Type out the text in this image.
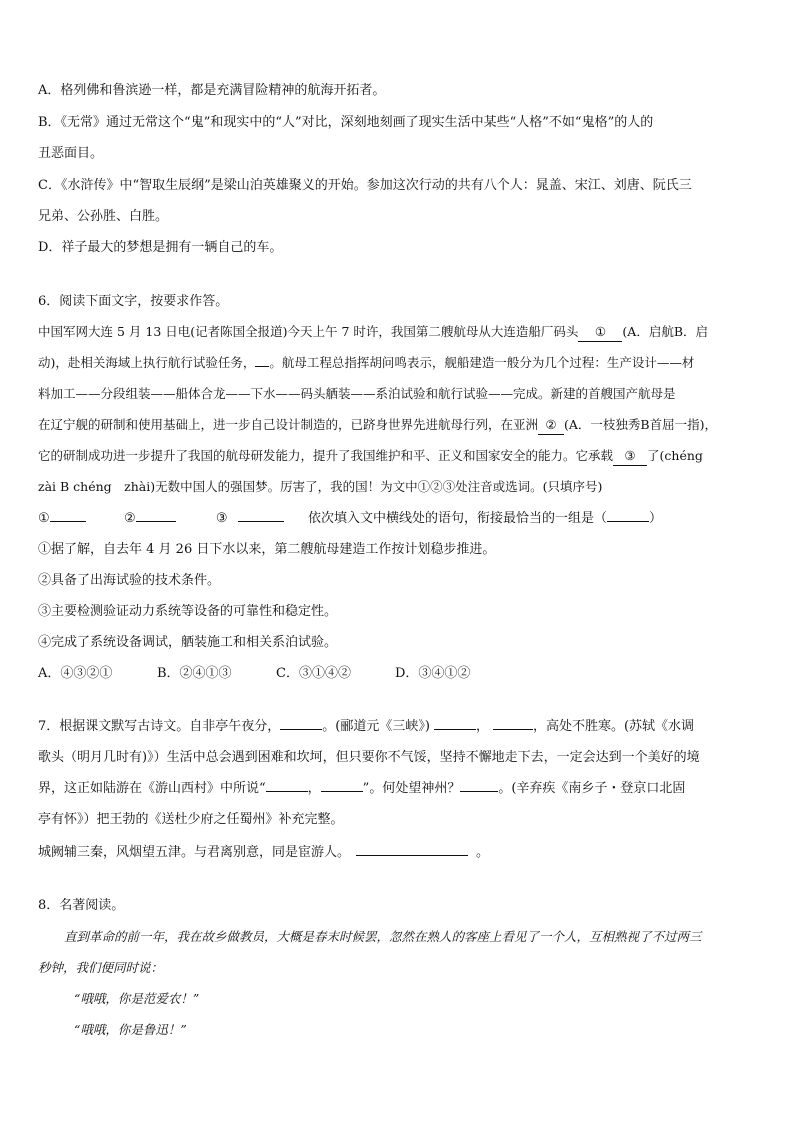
A．格列佛和鲁滨逊一样，都是充满冒险精神的航海开拓者。
B．《无常》通过无常这个“鬼”和现实中的“人”对比，深刻地刻画了现实生活中某些“人格”不如“鬼格”的人的
丑恶面目。
C．《水浒传》中“智取生辰纲”是梁山泊英雄聚义的开始。参加这次行动的共有八个人：晁盖、宋江、刘唐、阮氏三
兄弟、公孙胜、白胜。
D．祥子最大的梦想是拥有一辆自己的车。
6．阅读下面文字，按要求作答。
中国军网大连 5 月 13 日电(记者陈国全报道)今天上午 7 时许，我国第二艘航母从大连造船厂码头 ① (A．启航B．启
动)，赴相关海域上执行航行试验任务， 。航母工程总指挥胡问鸣表示，舰船建造一般分为几个过程：生产设计——材
料加工——分段组装——船体合龙——下水——码头舾装——系泊试验和航行试验——完成。新建的首艘国产航母是
在辽宁舰的研制和使用基础上，进一步自己设计制造的，已跻身世界先进航母行列，在亚洲 ② (A．一枝独秀B首屈一指)，
它的研制成功进一步提升了我国的航母研发能力，提升了我国维护和平、正义和国家安全的能力。它承载 ③ 了(chéng
zài B chéng　zhài)无数中国人的强国梦。厉害了，我的国！为文中①②③处注音或选词。(只填序号)
①	②	③	依次填入文中横线处的语句，衔接最恰当的一组是（	）
①据了解，自去年 4 月 26 日下水以来，第二艘航母建造工作按计划稳步推进。
②具备了出海试验的技术条件。
③主要检测验证动力系统等设备的可靠性和稳定性。
④完成了系统设备调试，舾装施工和相关系泊试验。
A．④③②①	B．②④①③	C．③①④②	D．③④①②
7．根据课文默写古诗文。自非亭午夜分，	。(郦道元《三峡》)	，	，高处不胜寒。(苏轼《水调
歌头（明月几时有)》）生活中总会遇到困难和坎坷，但只要你不气馁，坚持不懈地走下去，一定会达到一个美好的境
界，这正如陆游在《游山西村》中所说“	，	”。何处望神州？	。(辛弃疾《南乡子・登京口北固
亭有怀》）把王勃的《送杜少府之任蜀州》补充完整。
城阙辅三秦，风烟望五津。与君离别意，同是宦游人。	。
8．名著阅读。
直到革命的前一年，我在故乡做教员，大概是春末时候罢，忽然在熟人的客座上看见了一个人，互相熟视了不过两三
秒钟，我们便同时说：
“哦哦，你是范爱农！”
“哦哦，你是鲁迅！”
